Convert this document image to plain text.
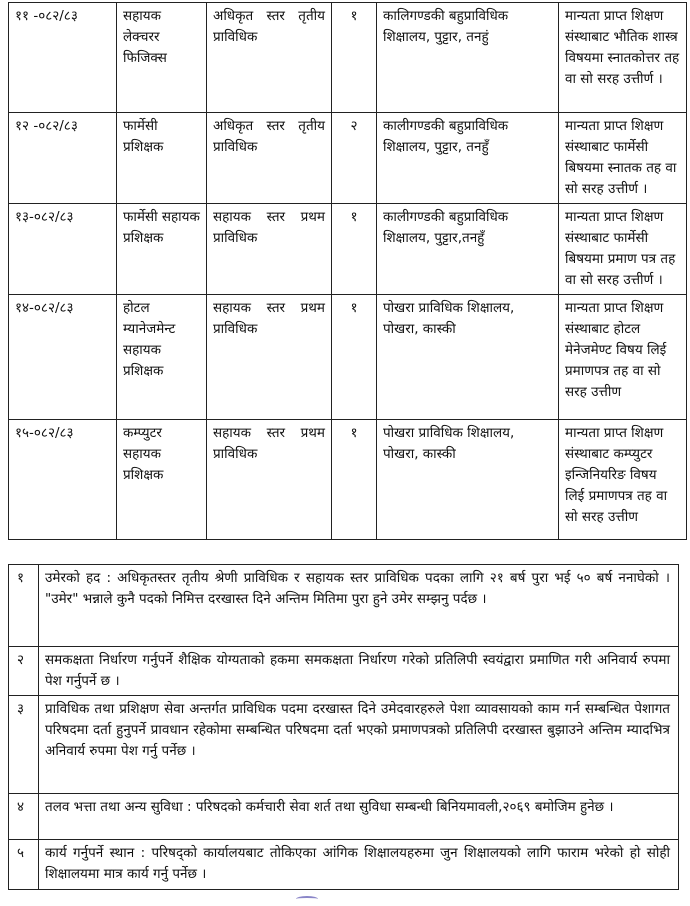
११ -०८२/८३	सहायक लेक्चरर फिजिक्स	अधिकृत स्तर तृतीय प्राविधिक	१	कालिगण्डकी बहुप्राविधिक शिक्षालय, पुट्टार, तनहुं	मान्यता प्राप्त शिक्षण संस्थाबाट भौतिक शास्त्र विषयमा स्नातकोत्तर तह वा सो सरह उत्तीर्ण ।
१२ -०८२/८३	फार्मेसी प्रशिक्षक	अधिकृत स्तर तृतीय प्राविधिक	२	कालीगण्डकी बहुप्राविधिक शिक्षालय, पुट्टार, तनहुँ	मान्यता प्राप्त शिक्षण संस्थाबाट फार्मेसी बिषयमा स्नातक तह वा सो सरह उत्तीर्ण ।
१३-०८२/८३	फार्मेसी सहायक प्रशिक्षक	सहायक स्तर प्रथम प्राविधिक	१	कालीगण्डकी बहुप्राविधिक शिक्षालय, पुट्टार,तनहुँ	मान्यता प्राप्त शिक्षण संस्थाबाट फार्मेसी बिषयमा प्रमाण पत्र तह वा सो सरह उत्तीर्ण ।
१४-०८२/८३	होटल म्यानेजमेन्ट सहायक प्रशिक्षक	सहायक स्तर प्रथम प्राविधिक	१	पोखरा प्राविधिक शिक्षालय, पोखरा, कास्की	मान्यता प्राप्त शिक्षण संस्थाबाट होटल मेनेजमेण्ट विषय लिई प्रमाणपत्र तह वा सो सरह उत्तीण
१५-०८२/८३	कम्प्युटर सहायक प्रशिक्षक	सहायक स्तर प्रथम प्राविधिक	१	पोखरा प्राविधिक शिक्षालय, पोखरा, कास्की	मान्यता प्राप्त शिक्षण संस्थाबाट कम्प्युटर इन्जिनियरिङ विषय लिई प्रमाणपत्र तह वा सो सरह उत्तीण
१	उमेरको हद : अधिकृतस्तर तृतीय श्रेणी प्राविधिक र सहायक स्तर प्राविधिक पदका लागि २१ बर्ष पुरा भई ५० बर्ष ननाघेको । "उमेर" भन्नाले कुनै पदको निमित्त दरखास्त दिने अन्तिम मितिमा पुरा हुने उमेर सम्झनु पर्दछ ।
२	समकक्षता निर्धारण गर्नुपर्ने शैक्षिक योग्यताको हकमा समकक्षता निर्धारण गरेको प्रतिलिपी स्वयंद्वारा प्रमाणित गरी अनिवार्य रुपमा पेश गर्नुपर्ने छ ।
३	प्राविधिक तथा प्रशिक्षण सेवा अन्तर्गत प्राविधिक पदमा दरखास्त दिने उमेदवारहरुले पेशा व्यावसायको काम गर्न सम्बन्धित पेशागत परिषदमा दर्ता हुनुपर्ने प्रावधान रहेकोमा सम्बन्धित परिषदमा दर्ता भएको प्रमाणपत्रको प्रतिलिपी दरखास्त बुझाउने अन्तिम म्यादभित्र अनिवार्य रुपमा पेश गर्नु पर्नेछ ।
४	तलव भत्ता तथा अन्य सुविधा : परिषदको कर्मचारी सेवा शर्त तथा सुविधा सम्बन्धी बिनियमावली,२०६९ बमोजिम हुनेछ ।
५	कार्य गर्नुपर्ने स्थान : परिषद्को कार्यालयबाट तोकिएका आंगिक शिक्षालयहरुमा जुन शिक्षालयको लागि फाराम भरेको हो सोही शिक्षालयमा मात्र कार्य गर्नु पर्नेछ ।
